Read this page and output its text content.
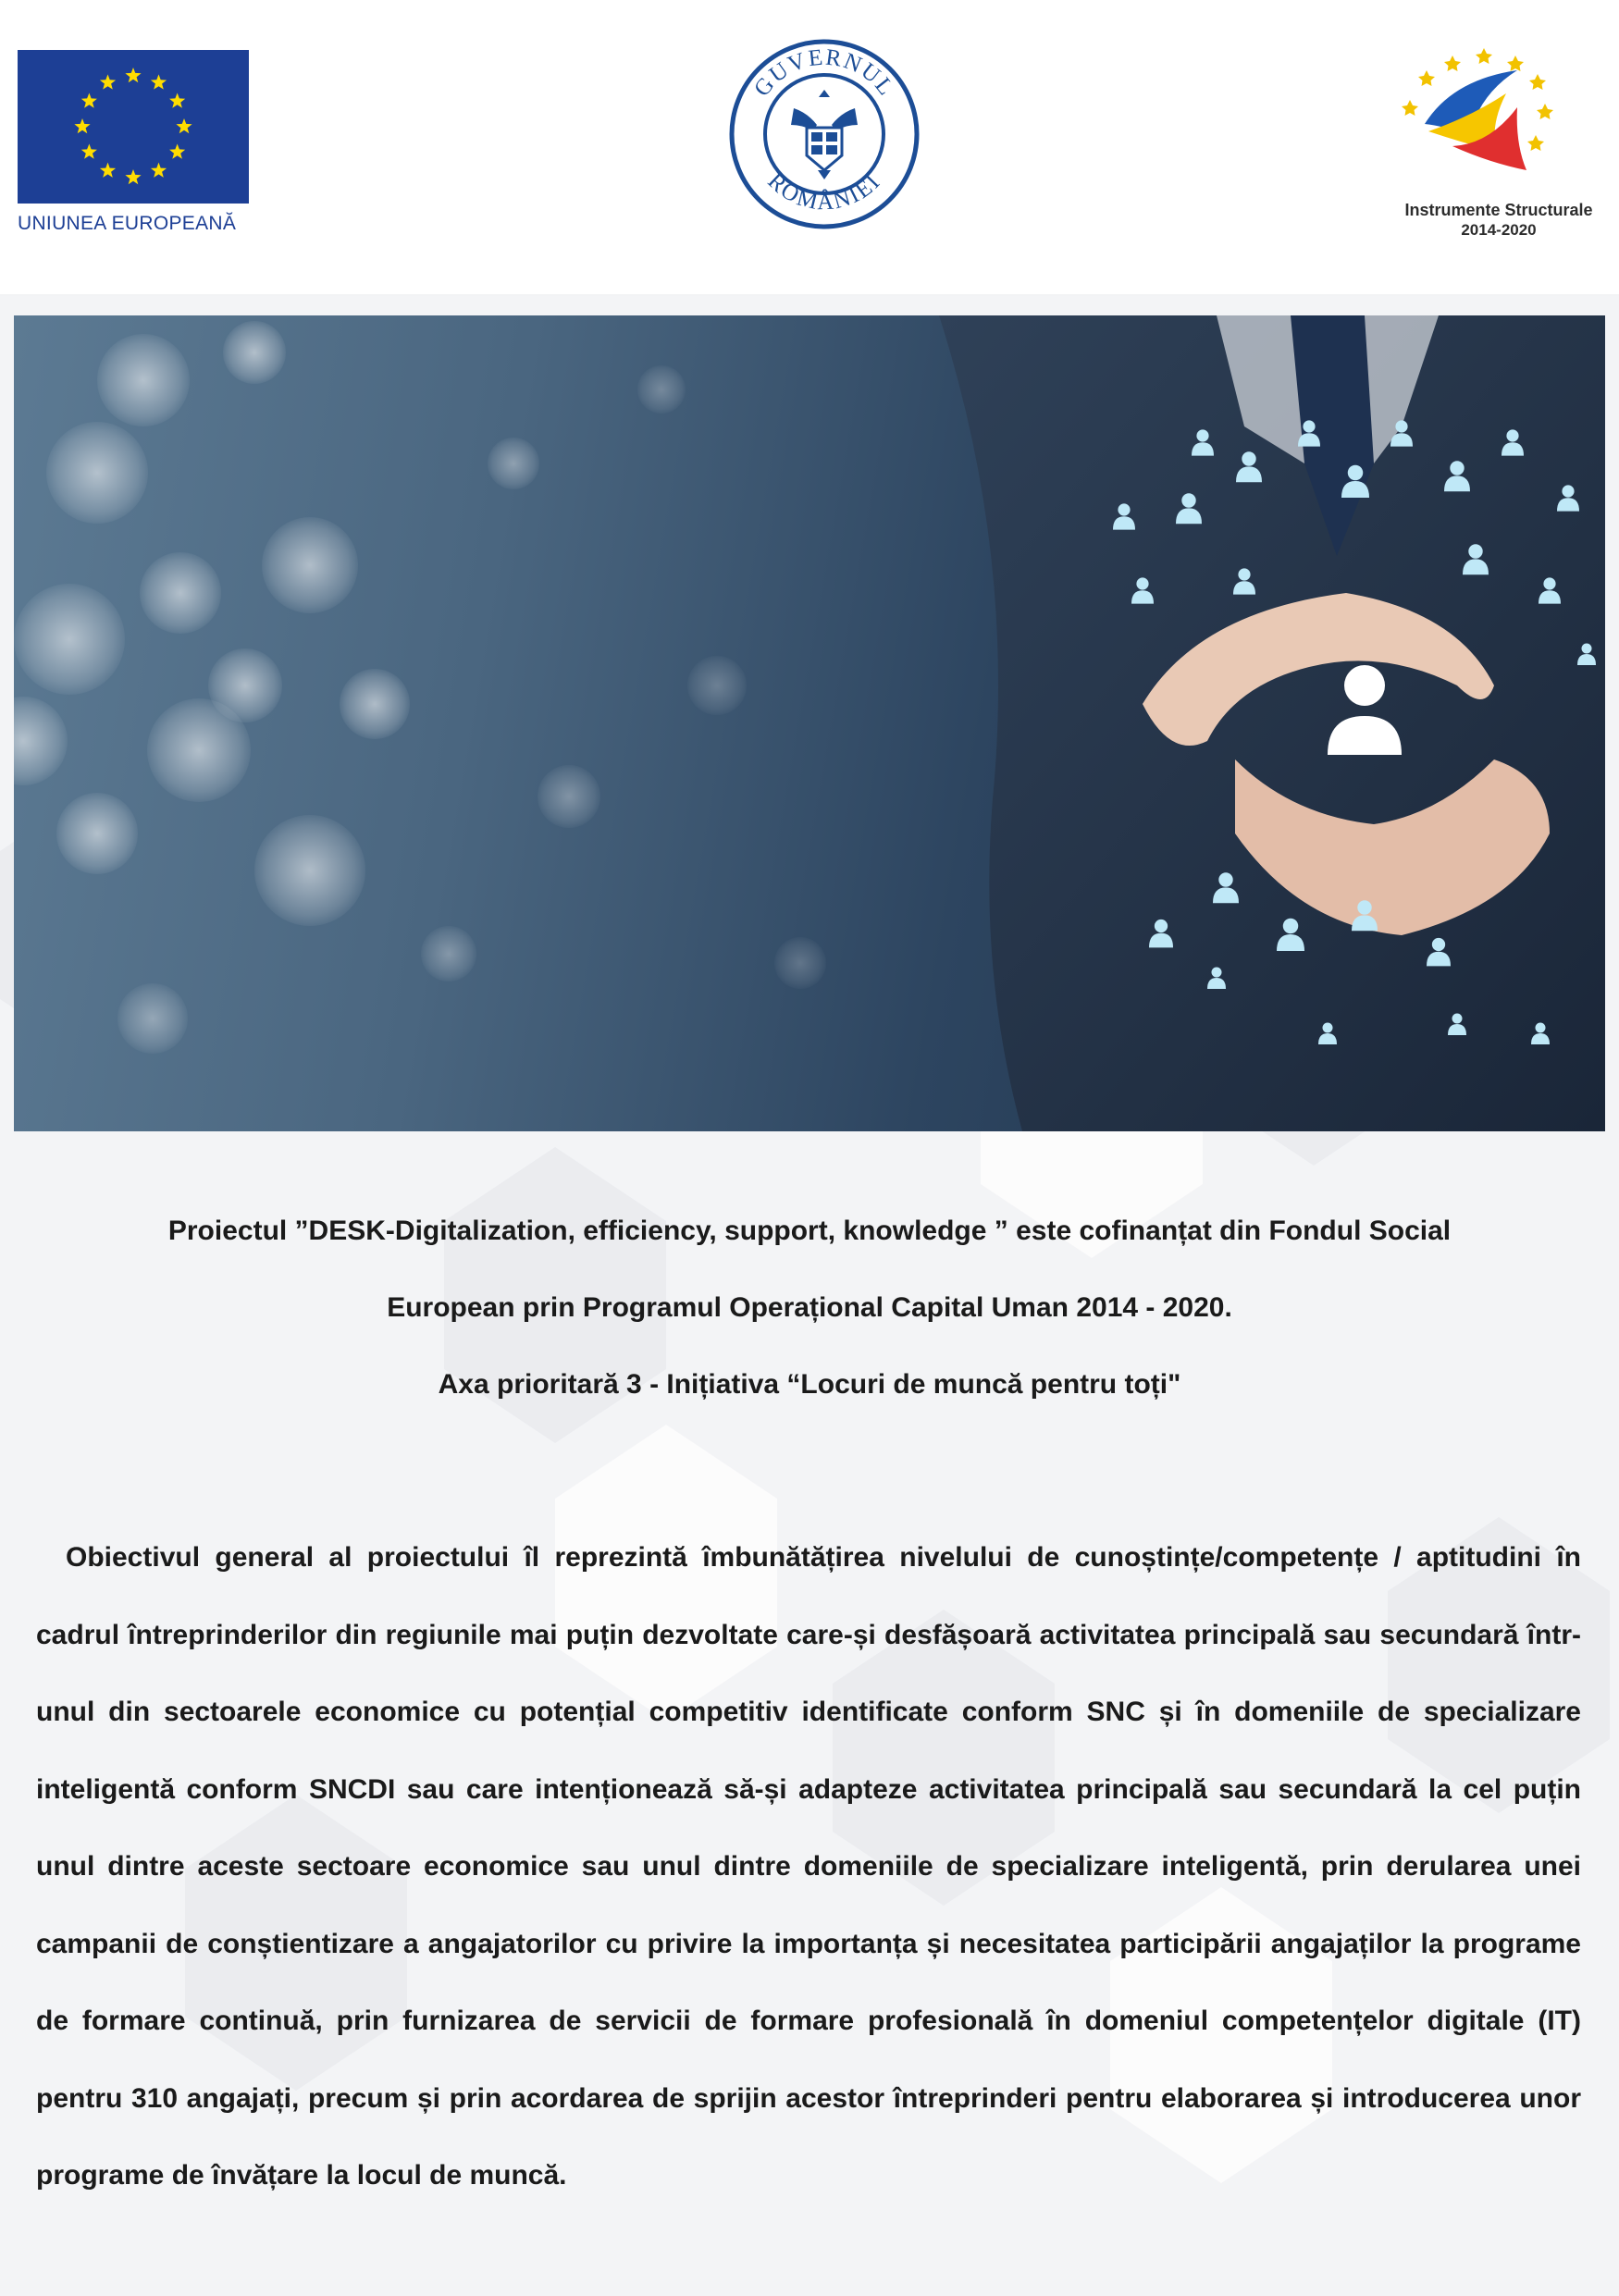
UNIUNEA EUROPEANĂ
GUVERNUL
ROMÂNIEI
Instrumente Structurale
2014-2020

Proiectul ”DESK-Digitalization, efficiency, support, knowledge ” este cofinanțat din Fondul Social

European prin Programul Operațional Capital Uman 2014 - 2020.

Axa prioritară 3 - Inițiativa “Locuri de muncă pentru toți"

Obiectivul general al proiectului îl reprezintă îmbunătățirea nivelului de cunoștințe/competențe / aptitudini în cadrul întreprinderilor din regiunile mai puțin dezvoltate care-și desfășoară activitatea principală sau secundară într-unul din sectoarele economice cu potențial competitiv identificate conform SNC și în domeniile de specializare inteligentă conform SNCDI sau care intenționează să-și adapteze activitatea principală sau secundară la cel puțin unul dintre aceste sectoare economice sau unul dintre domeniile de specializare inteligentă, prin derularea unei campanii de conștientizare a angajatorilor cu privire la importanța și necesitatea participării angajaților la programe de formare continuă, prin furnizarea de servicii de formare profesională în domeniul competențelor digitale (IT) pentru 310 angajați, precum și prin acordarea de sprijin acestor întreprinderi pentru elaborarea și introducerea unor programe de învățare la locul de muncă.
